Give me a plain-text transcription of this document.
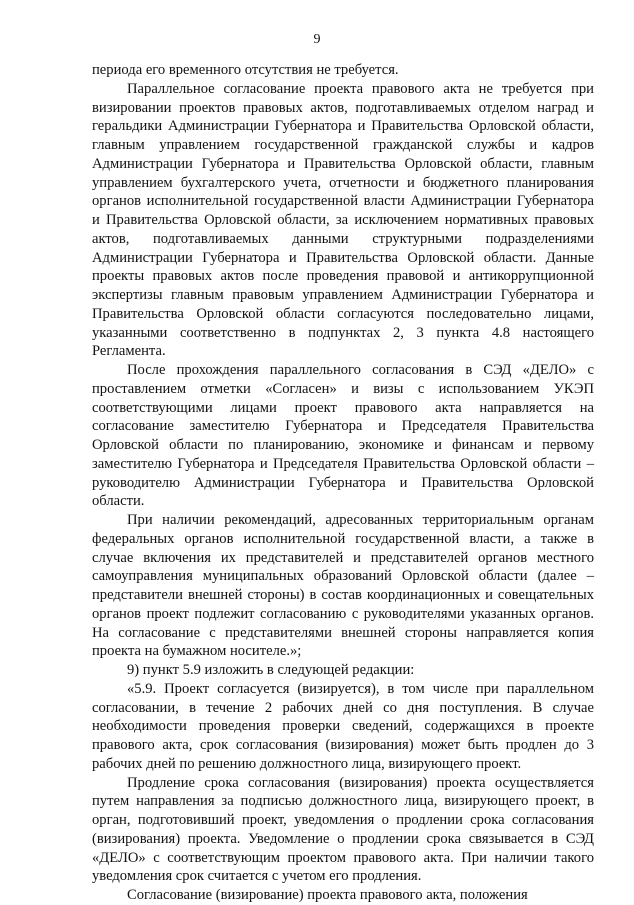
9

периода его временного отсутствия не требуется.

Параллельное согласование проекта правового акта не требуется при визировании проектов правовых актов, подготавливаемых отделом наград и геральдики Администрации Губернатора и Правительства Орловской области, главным управлением государственной гражданской службы и кадров Администрации Губернатора и Правительства Орловской области, главным управлением бухгалтерского учета, отчетности и бюджетного планирования органов исполнительной государственной власти Администрации Губернатора и Правительства Орловской области, за исключением нормативных правовых актов, подготавливаемых данными структурными подразделениями Администрации Губернатора и Правительства Орловской области. Данные проекты правовых актов после проведения правовой и антикоррупционной экспертизы главным правовым управлением Администрации Губернатора и Правительства Орловской области согласуются последовательно лицами, указанными соответственно в подпунктах 2, 3 пункта 4.8 настоящего Регламента.

После прохождения параллельного согласования в СЭД «ДЕЛО» с проставлением отметки «Согласен» и визы с использованием УКЭП соответствующими лицами проект правового акта направляется на согласование заместителю Губернатора и Председателя Правительства Орловской области по планированию, экономике и финансам и первому заместителю Губернатора и Председателя Правительства Орловской области – руководителю Администрации Губернатора и Правительства Орловской области.

При наличии рекомендаций, адресованных территориальным органам федеральных органов исполнительной государственной власти, а также в случае включения их представителей и представителей органов местного самоуправления муниципальных образований Орловской области (далее – представители внешней стороны) в состав координационных и совещательных органов проект подлежит согласованию с руководителями указанных органов. На согласование с представителями внешней стороны направляется копия проекта на бумажном носителе.»;

9) пункт 5.9 изложить в следующей редакции:

«5.9. Проект согласуется (визируется), в том числе при параллельном согласовании, в течение 2 рабочих дней со дня поступления. В случае необходимости проведения проверки сведений, содержащихся в проекте правового акта, срок согласования (визирования) может быть продлен до 3 рабочих дней по решению должностного лица, визирующего проект.

Продление срока согласования (визирования) проекта осуществляется путем направления за подписью должностного лица, визирующего проект, в орган, подготовивший проект, уведомления о продлении срока согласования (визирования) проекта. Уведомление о продлении срока связывается в СЭД «ДЕЛО» с соответствующим проектом правового акта. При наличии такого уведомления срок считается с учетом его продления.

Согласование (визирование) проекта правового акта, положения
